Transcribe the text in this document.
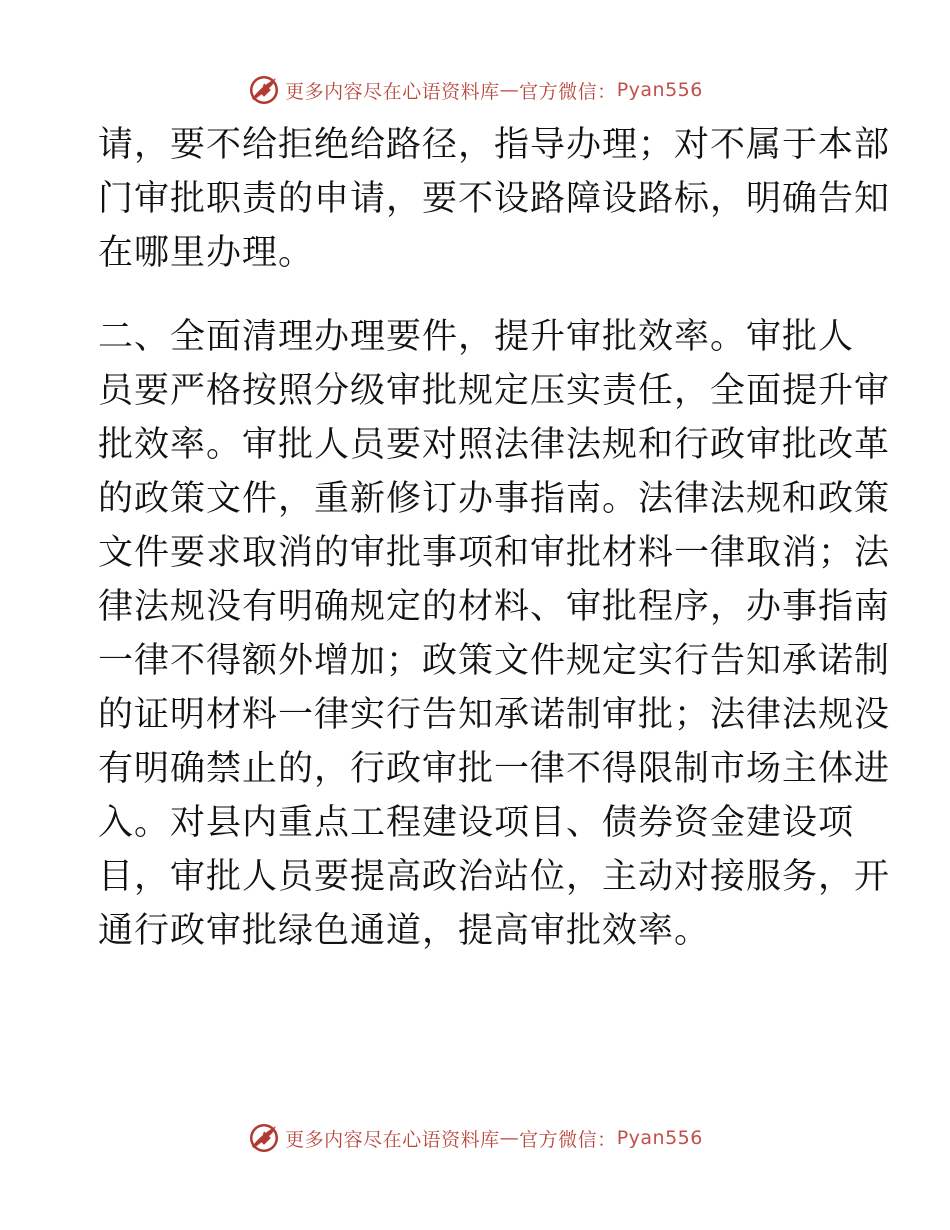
更多内容尽在心语资料库 — 官方微信： Pyan556
请，要不给拒绝给路径，指导办理；对不属于本部
门审批职责的申请，要不设路障设路标，明确告知
在哪里办理。
二、全面清理办理要件，提升审批效率。审批人
员要严格按照分级审批规定压实责任，全面提升审
批效率。审批人员要对照法律法规和行政审批改革
的政策文件，重新修订办事指南。法律法规和政策
文件要求取消的审批事项和审批材料一律取消；法
律法规没有明确规定的材料、审批程序，办事指南
一律不得额外增加；政策文件规定实行告知承诺制
的证明材料一律实行告知承诺制审批；法律法规没
有明确禁止的，行政审批一律不得限制市场主体进
入。对县内重点工程建设项目、债券资金建设项
目，审批人员要提高政治站位，主动对接服务，开
通行政审批绿色通道，提高审批效率。
更多内容尽在心语资料库 — 官方微信： Pyan556
